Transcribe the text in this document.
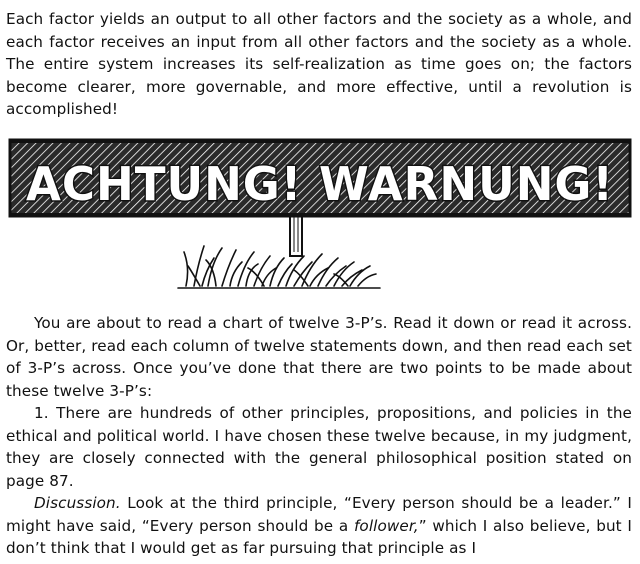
Each factor yields an output to all other factors and the society as a whole, and each factor receives an input from all other factors and the society as a whole. The entire system increases its self-realization as time goes on; the factors become clearer, more governable, and more effective, until a revolution is accomplished!

ACHTUNG! WARNUNG!

You are about to read a chart of twelve 3-P’s. Read it down or read it across. Or, better, read each column of twelve statements down, and then read each set of 3-P’s across. Once you’ve done that there are two points to be made about these twelve 3-P’s:

1. There are hundreds of other principles, propositions, and policies in the ethical and political world. I have chosen these twelve because, in my judgment, they are closely connected with the general philosophical position stated on page 87.

Discussion. Look at the third principle, “Every person should be a leader.” I might have said, “Every person should be a follower,” which I also believe, but I don’t think that I would get as far pursuing that principle as I
